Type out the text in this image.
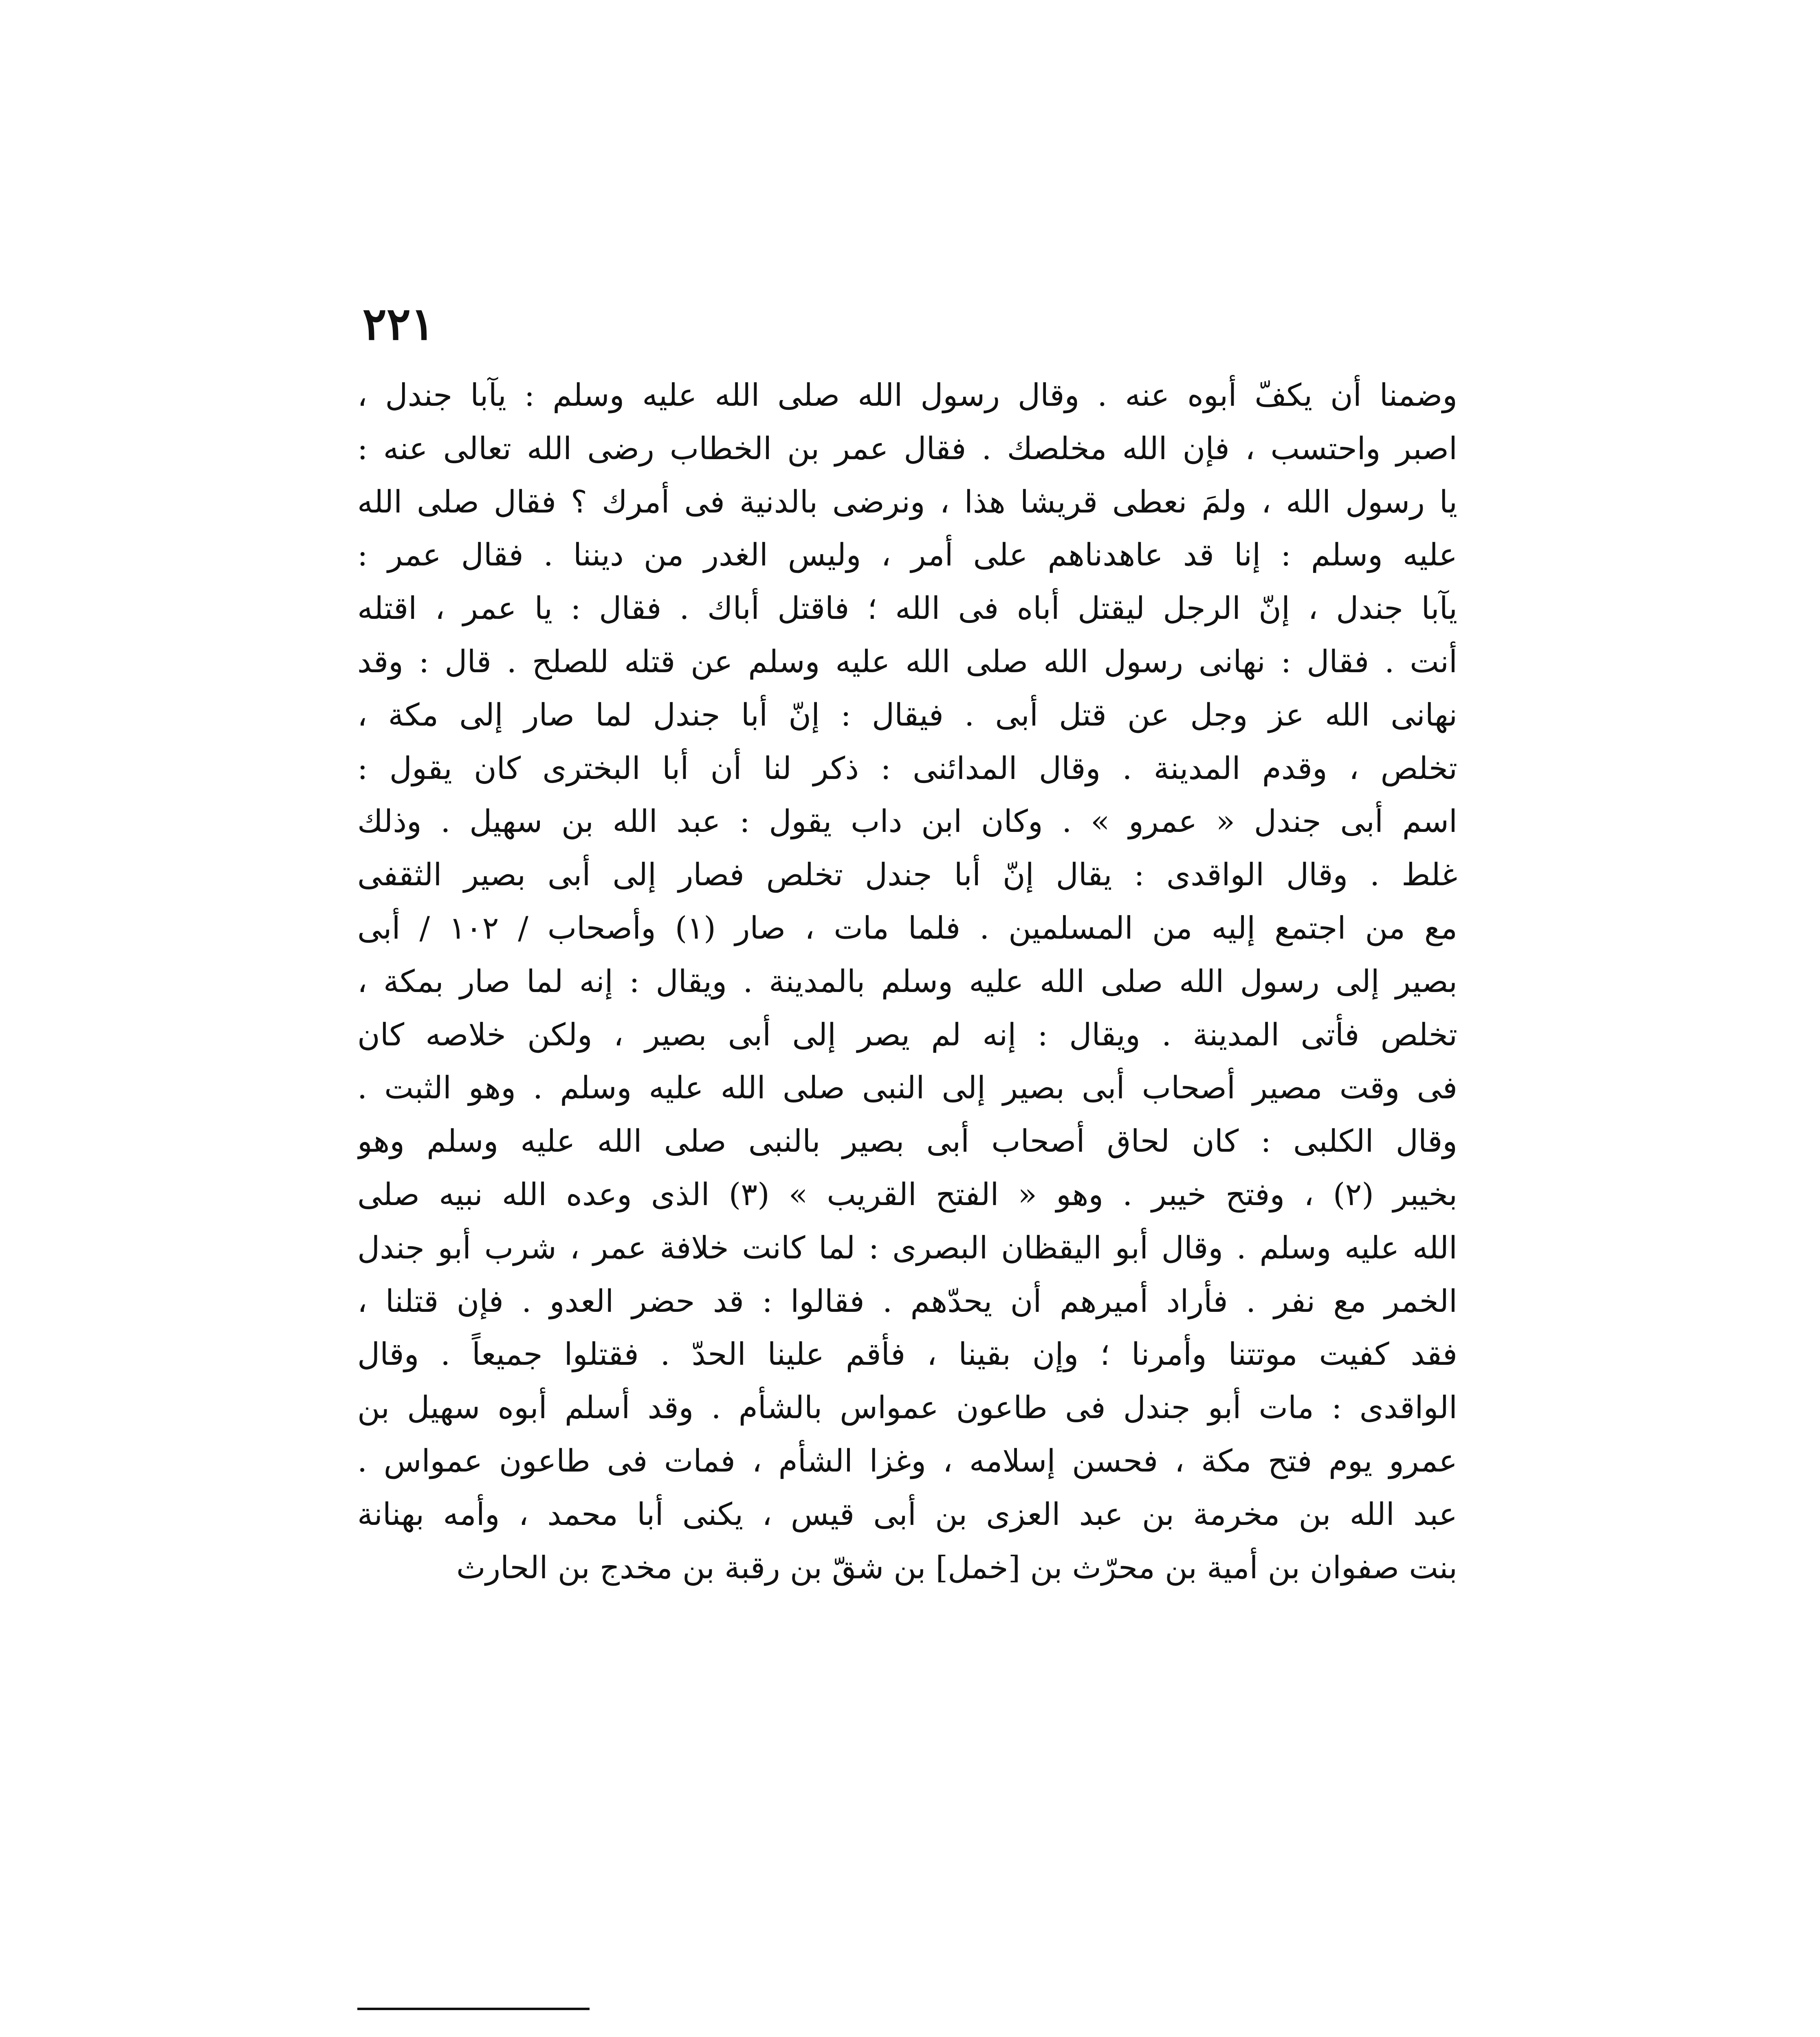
٢٢١
وضمنا أن يكفّ أبوه عنه . وقال رسول الله صلى الله عليه وسلم : يآبا جندل ،
اصبر واحتسب ، فإن الله مخلصك . فقال عمر بن الخطاب رضى الله تعالى عنه :
يا رسول الله ، ولمَ نعطى قريشا هذا ، ونرضى بالدنية فى أمرك ؟ فقال صلى الله
عليه وسلم : إنا قد عاهدناهم على أمر ، وليس الغدر من ديننا . فقال عمر :
يآبا جندل ، إنّ الرجل ليقتل أباه فى الله ؛ فاقتل أباك . فقال : يا عمر ، اقتله
أنت . فقال : نهانى رسول الله صلى الله عليه وسلم عن قتله للصلح . قال : وقد
نهانى الله عز وجل عن قتل أبى . فيقال : إنّ أبا جندل لما صار إلى مكة ،
تخلص ، وقدم المدينة . وقال المدائنى : ذكر لنا أن أبا البخترى كان يقول :
اسم أبى جندل « عمرو » . وكان ابن داب يقول : عبد الله بن سهيل . وذلك
غلط . وقال الواقدى : يقال إنّ أبا جندل تخلص فصار إلى أبى بصير الثقفى
مع من اجتمع إليه من المسلمين . فلما مات ، صار (١) وأصحاب / ١٠٢ / أبى
بصير إلى رسول الله صلى الله عليه وسلم بالمدينة . ويقال : إنه لما صار بمكة ،
تخلص فأتى المدينة . ويقال : إنه لم يصر إلى أبى بصير ، ولكن خلاصه كان
فى وقت مصير أصحاب أبى بصير إلى النبى صلى الله عليه وسلم . وهو الثبت .
وقال الكلبى : كان لحاق أصحاب أبى بصير بالنبى صلى الله عليه وسلم وهو
بخيبر (٢) ، وفتح خيبر . وهو « الفتح القريب » (٣) الذى وعده الله نبيه صلى
الله عليه وسلم . وقال أبو اليقظان البصرى : لما كانت خلافة عمر ، شرب أبو جندل
الخمر مع نفر . فأراد أميرهم أن يحدّهم . فقالوا : قد حضر العدو . فإن قتلنا ،
فقد كفيت موتتنا وأمرنا ؛ وإن بقينا ، فأقم علينا الحدّ . فقتلوا جميعاً . وقال
الواقدى : مات أبو جندل فى طاعون عمواس بالشأم . وقد أسلم أبوه سهيل بن
عمرو يوم فتح مكة ، فحسن إسلامه ، وغزا الشأم ، فمات فى طاعون عمواس .
عبد الله بن مخرمة بن عبد العزى بن أبى قيس ، يكنى أبا محمد ، وأمه بهنانة
بنت صفوان بن أمية بن محرّث بن [خمل] بن شقّ بن رقبة بن مخدج بن الحارث
